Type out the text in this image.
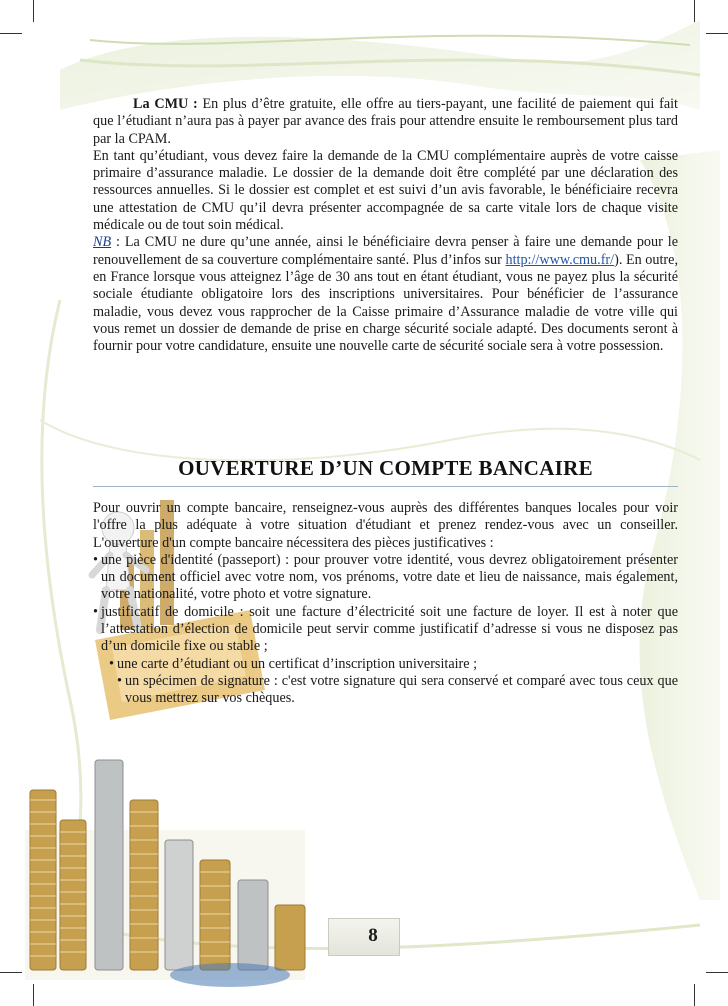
La CMU : En plus d’être gratuite, elle offre au tiers-payant, une facilité de paiement qui fait que l’étudiant n’aura pas à payer par avance des frais pour attendre ensuite le remboursement plus tard par la CPAM.

En tant qu’étudiant, vous devez faire la demande de la CMU complémentaire auprès de votre caisse primaire d’assurance maladie. Le dossier de la demande doit être complété par une déclaration des ressources annuelles. Si le dossier est complet et est suivi d’un avis favorable, le bénéficiaire recevra une attestation de CMU qu’il devra présenter accompagnée de sa carte vitale lors de chaque visite médicale ou de tout soin médical.

NB : La CMU ne dure qu’une année, ainsi le bénéficiaire devra penser à faire une demande pour le renouvellement de sa couverture complémentaire santé. Plus d’infos sur http://www.cmu.fr/). En outre, en France lorsque vous atteignez l’âge de 30 ans tout en étant étudiant, vous ne payez plus la sécurité sociale étudiante obligatoire lors des inscriptions universitaires. Pour bénéficier de l’assurance maladie, vous devez vous rapprocher de la Caisse primaire d’Assurance maladie de votre ville qui vous remet un dossier de demande de prise en charge sécurité sociale adapté. Des documents seront à fournir pour votre candidature, ensuite une nouvelle carte de sécurité sociale sera à votre possession.

OUVERTURE D’UN COMPTE BANCAIRE

Pour ouvrir un compte bancaire, renseignez-vous auprès des différentes banques locales pour voir l'offre la plus adéquate à votre situation d'étudiant et prenez rendez-vous avec un conseiller. L'ouverture d'un compte bancaire nécessitera des pièces justificatives :

• une pièce d'identité (passeport) : pour prouver votre identité, vous devrez obligatoirement présenter un document officiel avec votre nom, vos prénoms, votre date et lieu de naissance, mais également, votre nationalité, votre photo et votre signature.
• justificatif de domicile : soit une facture d’électricité soit une facture de loyer. Il est à noter que l’attestation d’élection de domicile peut servir comme justificatif d’adresse si vous ne disposez pas d’un domicile fixe ou stable ;
• une carte d’étudiant ou un certificat d’inscription universitaire ;
• un spécimen de signature : c'est votre signature qui sera conservé et comparé avec tous ceux que vous mettrez sur vos chèques.
8
